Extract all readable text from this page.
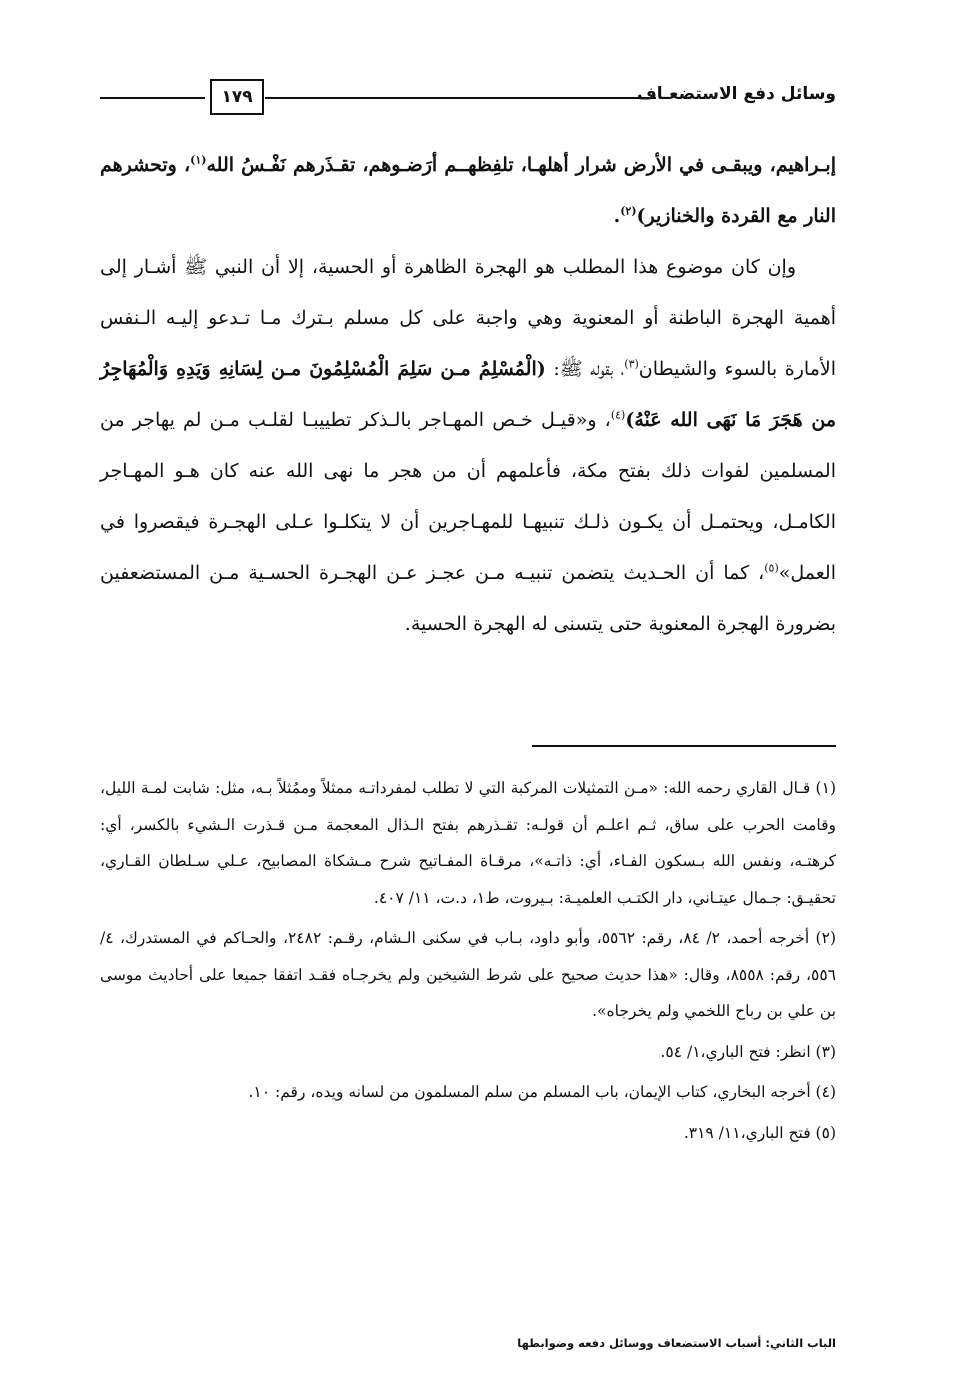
وسائل دفع الاستضعـاف
١٧٩

إبـراهيم، ويبقـى في الأرض شرار أهلهـا، تلفِظهــم أرَضـوهم، تقـذَرهم نَفْـسُ الله$^{(١)}$، وتحشرهم النار مع القردة والخنازير)$^{(٢)}$.

وإن كان موضوع هذا المطلب هو الهجرة الظاهرة أو الحسية، إلا أن النبي ﷺ أشـار إلى أهمية الهجرة الباطنة أو المعنوية وهي واجبة على كل مسلم بـترك مـا تـدعو إليـه الـنفس الأمارة بالسوء والشيطان$^{(٣)}$، بقوله ﷺ: (الْمُسْلِمُ مـن سَلِمَ الْمُسْلِمُونَ مـن لِسَانِهِ وَيَدِهِ وَالْمُهَاجِرُ من هَجَرَ مَا نَهَى الله عَنْهُ)$^{(٤)}$، و«قيـل خـص المهـاجر بالـذكر تطييبـا لقلـب مـن لم يهاجر من المسلمين لفوات ذلك بفتح مكة، فأعلمهم أن من هجر ما نهى الله عنه كان هـو المهـاجر الكامـل، ويحتمـل أن يكـون ذلـك تنبيهـا للمهـاجرين أن لا يتكلـوا عـلى الهجـرة فيقصروا في العمل»$^{(٥)}$، كما أن الحـديث يتضمن تنبيـه مـن عجـز عـن الهجـرة الحسـية مـن المستضعفين بضرورة الهجرة المعنوية حتى يتسنى له الهجرة الحسية.

(١) قـال القاري رحمه الله: «مـن التمثيلات المركبة التي لا تطلب لمفرداتـه ممثلاً وممُثلاً بـه، مثل: شابت لمـة الليل، وقامت الحرب على ساق، ثـم اعلـم أن قولـه: تقـذرهم بفتح الـذال المعجمة مـن قـذرت الـشيء بالكسر، أي: كرهتـه، ونفس الله بـسكون الفـاء، أي: ذاتـه»، مرقـاة المفـاتيح شرح مـشكاة المصابيح، عـلي سـلطان القـاري، تحقيـق: جـمال عيتـاني، دار الكتـب العلميـة: بـيروت، ط١، د.ت، ١١/ ٤٠٧.

(٢) أخرجه أحمد، ٢/ ٨٤، رقم: ٥٥٦٢، وأبو داود، بـاب في سكنى الـشام، رقـم: ٢٤٨٢، والحـاكم في المستدرك، ٤/ ٥٥٦، رقم: ٨٥٥٨، وقال: «هذا حديث صحيح على شرط الشيخين ولم يخرجـاه فقـد اتفقا جميعا على أحاديث موسى بن علي بن رباح اللخمي ولم يخرجاه».

(٣) انظر: فتح الباري،١/ ٥٤.

(٤) أخرجه البخاري، كتاب الإيمان، باب المسلم من سلم المسلمون من لسانه ويده، رقم: ١٠.

(٥) فتح الباري،١١/ ٣١٩.

الباب الثاني: أسباب الاستضعاف ووسائل دفعه وضوابطها
